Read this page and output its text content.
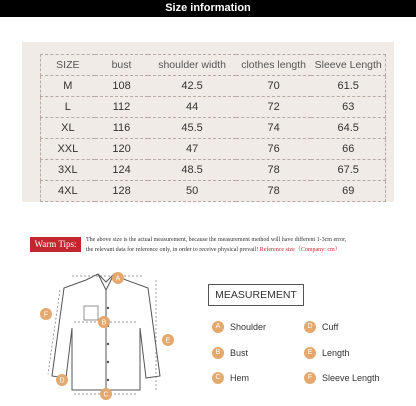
Size information
SIZE	bust	shoulder width	clothes length	Sleeve Length
M	108	42.5	70	61.5
L	112	44	72	63
XL	116	45.5	74	64.5
XXL	120	47	76	66
3XL	124	48.5	78	67.5
4XL	128	50	78	69
Warm Tips:	The above size is the actual measurement, because the measurement method will have different 1-3cm error,
the relevant data for reference only, in order to receive physical prevail! Reference size（Company: cm）
A
B
C
D
E
F
MEASUREMENT
A	Shoulder	D	Cuff
B	Bust	E	Length
C	Hem	F	Sleeve Length
